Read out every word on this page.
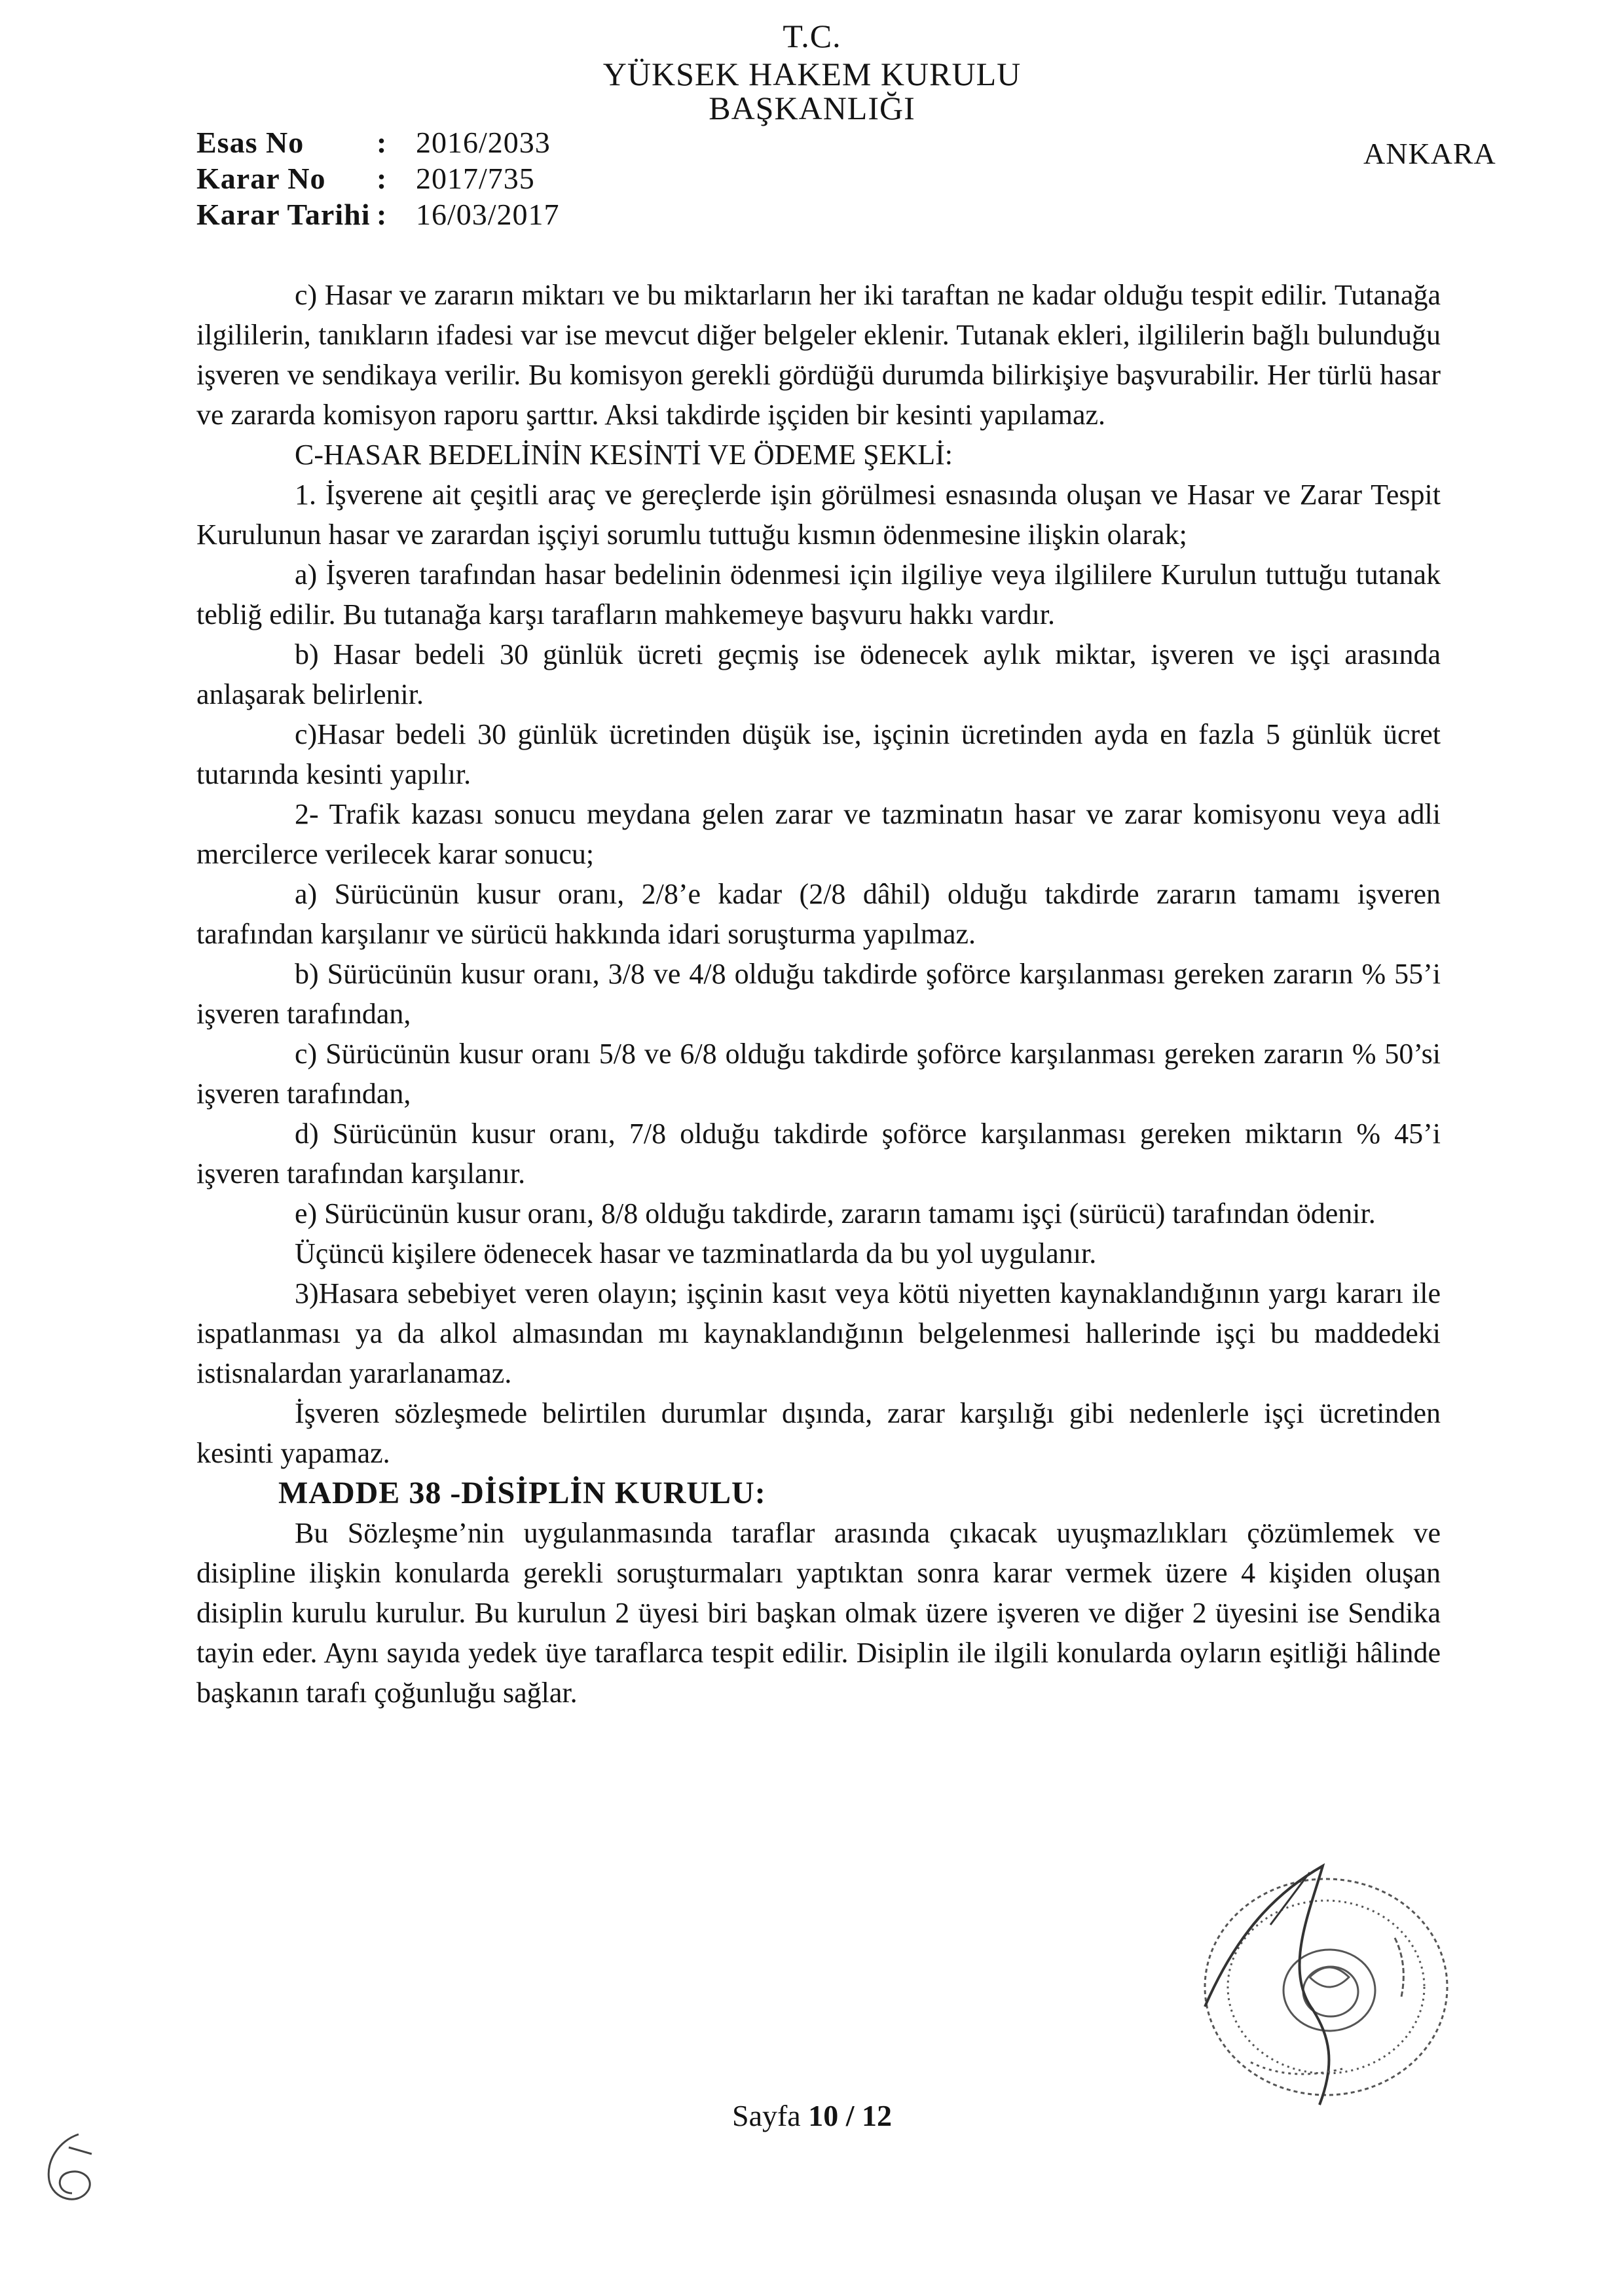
T.C.
YÜKSEK HAKEM KURULU
BAŞKANLIĞI
Esas No	: 2016/2033
Karar No	: 2017/735
Karar Tarihi : 16/03/2017
ANKARA

c) Hasar ve zararın miktarı ve bu miktarların her iki taraftan ne kadar olduğu tespit edilir. Tutanağa ilgililerin, tanıkların ifadesi var ise mevcut diğer belgeler eklenir. Tutanak ekleri, ilgililerin bağlı bulunduğu işveren ve sendikaya verilir. Bu komisyon gerekli gördüğü durumda bilirkişiye başvurabilir. Her türlü hasar ve zararda komisyon raporu şarttır. Aksi takdirde işçiden bir kesinti yapılamaz.

C-HASAR BEDELİNİN KESİNTİ VE ÖDEME ŞEKLİ:

1. İşverene ait çeşitli araç ve gereçlerde işin görülmesi esnasında oluşan ve Hasar ve Zarar Tespit Kurulunun hasar ve zarardan işçiyi sorumlu tuttuğu kısmın ödenmesine ilişkin olarak;

a) İşveren tarafından hasar bedelinin ödenmesi için ilgiliye veya ilgililere Kurulun tuttuğu tutanak tebliğ edilir. Bu tutanağa karşı tarafların mahkemeye başvuru hakkı vardır.

b) Hasar bedeli 30 günlük ücreti geçmiş ise ödenecek aylık miktar, işveren ve işçi arasında anlaşarak belirlenir.

c)Hasar bedeli 30 günlük ücretinden düşük ise, işçinin ücretinden ayda en fazla 5 günlük ücret tutarında kesinti yapılır.

2- Trafik kazası sonucu meydana gelen zarar ve tazminatın hasar ve zarar komisyonu veya adli mercilerce verilecek karar sonucu;

a) Sürücünün kusur oranı, 2/8’e kadar (2/8 dâhil) olduğu takdirde zararın tamamı işveren tarafından karşılanır ve sürücü hakkında idari soruşturma yapılmaz.

b) Sürücünün kusur oranı, 3/8 ve 4/8 olduğu takdirde şoförce karşılanması gereken zararın % 55’i işveren tarafından,

c) Sürücünün kusur oranı 5/8 ve 6/8 olduğu takdirde şoförce karşılanması gereken zararın % 50’si işveren tarafından,

d) Sürücünün kusur oranı, 7/8 olduğu takdirde şoförce karşılanması gereken miktarın % 45’i işveren tarafından karşılanır.

e) Sürücünün kusur oranı, 8/8 olduğu takdirde, zararın tamamı işçi (sürücü) tarafından ödenir.

Üçüncü kişilere ödenecek hasar ve tazminatlarda da bu yol uygulanır.

3)Hasara sebebiyet veren olayın; işçinin kasıt veya kötü niyetten kaynaklandığının yargı kararı ile ispatlanması ya da alkol almasından mı kaynaklandığının belgelenmesi hallerinde işçi bu maddedeki istisnalardan yararlanamaz.

İşveren sözleşmede belirtilen durumlar dışında, zarar karşılığı gibi nedenlerle işçi ücretinden kesinti yapamaz.

MADDE 38 -DİSİPLİN KURULU:

Bu Sözleşme’nin uygulanmasında taraflar arasında çıkacak uyuşmazlıkları çözümlemek ve disipline ilişkin konularda gerekli soruşturmaları yaptıktan sonra karar vermek üzere 4 kişiden oluşan disiplin kurulu kurulur. Bu kurulun 2 üyesi biri başkan olmak üzere işveren ve diğer 2 üyesini ise Sendika tayin eder. Aynı sayıda yedek üye taraflarca tespit edilir. Disiplin ile ilgili konularda oyların eşitliği hâlinde başkanın tarafı çoğunluğu sağlar.

Sayfa 10 / 12
